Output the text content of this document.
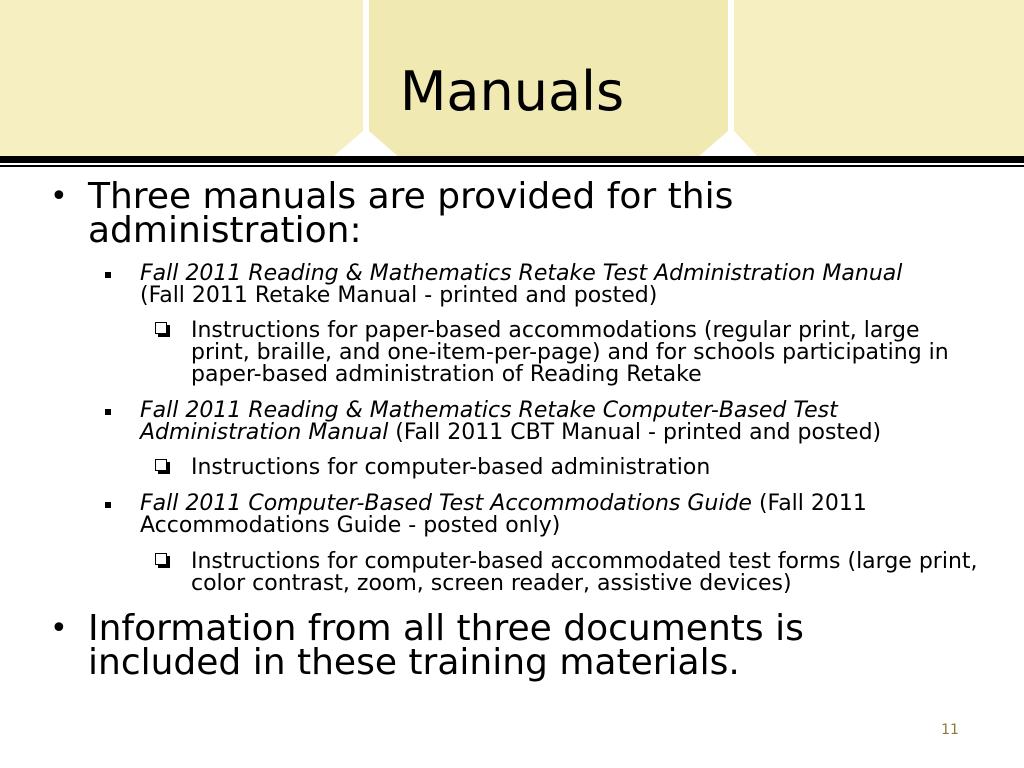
Manuals
• Three manuals are provided for this administration:
Fall 2011 Reading & Mathematics Retake Test Administration Manual
(Fall 2011 Retake Manual - printed and posted)
Instructions for paper-based accommodations (regular print, large print, braille, and one-item-per-page) and for schools participating in paper-based administration of Reading Retake
Fall 2011 Reading & Mathematics Retake Computer-Based Test Administration Manual (Fall 2011 CBT Manual - printed and posted)
Instructions for computer-based administration
Fall 2011 Computer-Based Test Accommodations Guide (Fall 2011 Accommodations Guide - posted only)
Instructions for computer-based accommodated test forms (large print, color contrast, zoom, screen reader, assistive devices)
• Information from all three documents is included in these training materials.
11
